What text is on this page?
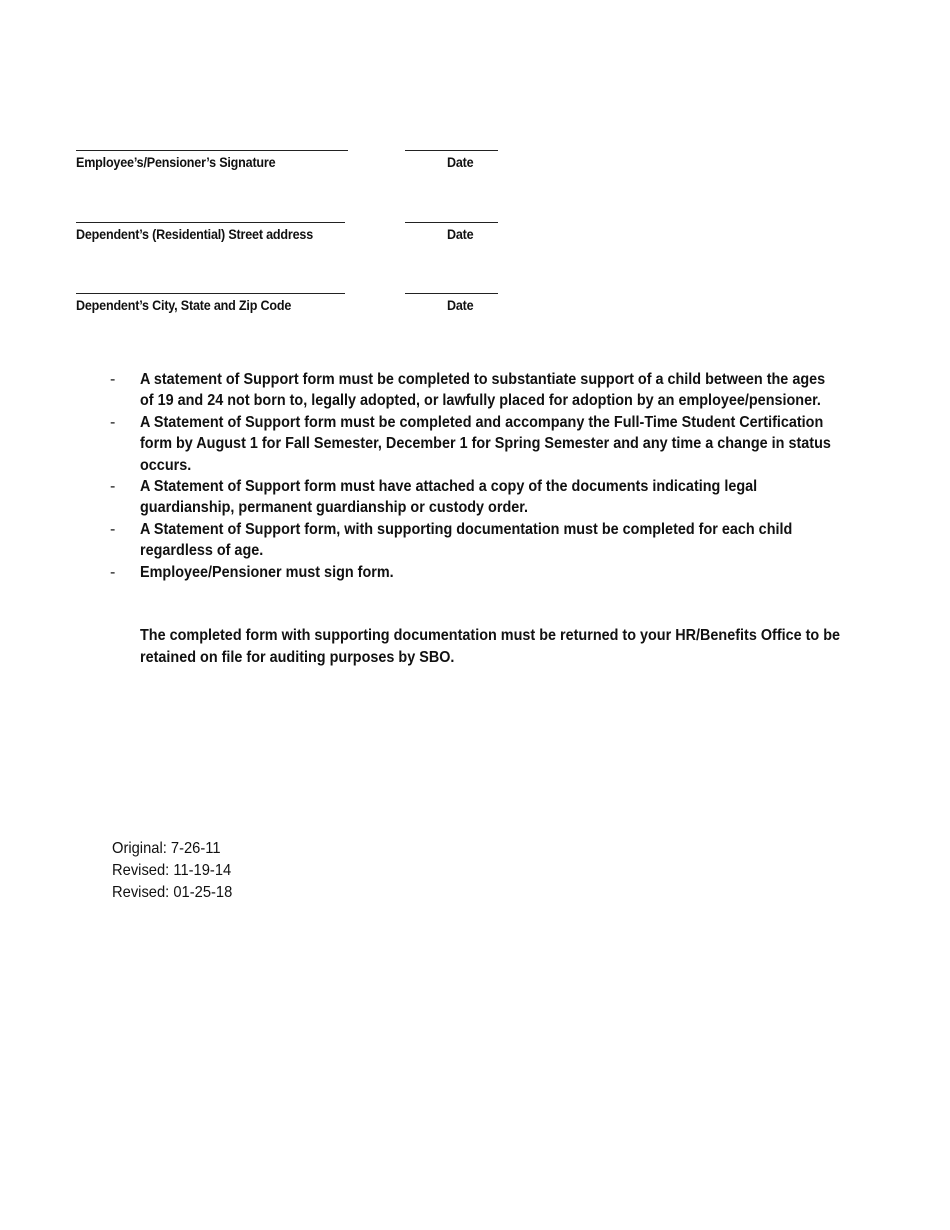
Employee’s/Pensioner’s Signature	Date
Dependent’s (Residential) Street address	Date
Dependent’s City, State and Zip Code	Date
- A statement of Support form must be completed to substantiate support of a child between the ages of 19 and 24 not born to, legally adopted, or lawfully placed for adoption by an employee/pensioner.
- A Statement of Support form must be completed and accompany the Full-Time Student Certification form by August 1 for Fall Semester, December 1 for Spring Semester and any time a change in status occurs.
- A Statement of Support form must have attached a copy of the documents indicating legal guardianship, permanent guardianship or custody order.
- A Statement of Support form, with supporting documentation must be completed for each child regardless of age.
- Employee/Pensioner must sign form.
The completed form with supporting documentation must be returned to your HR/Benefits Office to be retained on file for auditing purposes by SBO.
Original: 7-26-11
Revised: 11-19-14
Revised: 01-25-18
